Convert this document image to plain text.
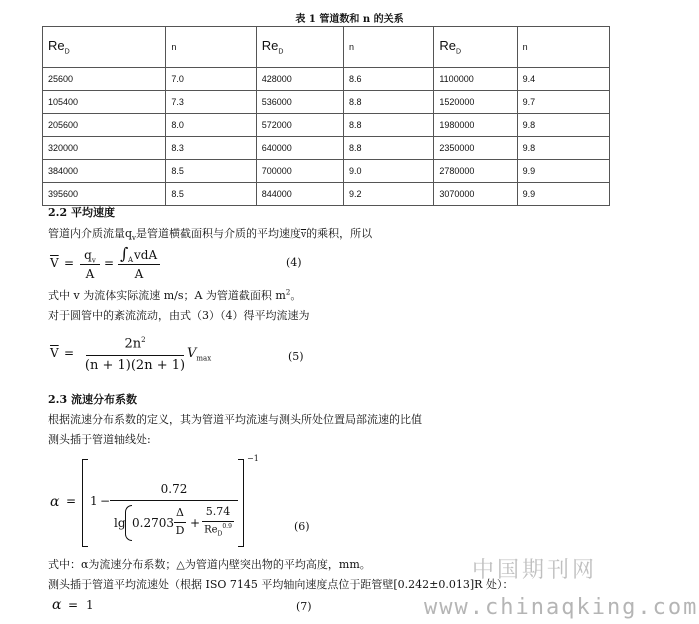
表 1 管道数和 n 的关系
$Re_D$	n	$Re_D$	n	$Re_D$	n
25600	7.0	428000	8.6	1100000	9.4
105400	7.3	536000	8.8	1520000	9.7
205600	8.0	572000	8.8	1980000	9.8
320000	8.3	640000	8.8	2350000	9.8
384000	8.5	700000	9.0	2780000	9.9
395600	8.5	844000	9.2	3070000	9.9
2.2 平均速度
管道内介质流量$q_v$是管道横截面积与介质的平均速度$\overline{v}$的乘积，所以
$\overline{V}$ =
$q_v$
A
= ∫ A vdA
A
(4)
式中 v 为流体实际流速 m/s；A 为管道截面积 $m^2$。
对于圆管中的紊流流动，由式（3）（4）得平均流速为
$\overline{V}$ =
$2n^2$
(n + 1)(2n + 1)
$V_{max}$	(5)
2.3 流速分布系数
根据流速分布系数的定义，其为管道平均流速与测头所处位置局部流速的比值
测头插于管道轴线处:
α =
−1
1 −
0.72
lg 0.2703
Δ
D
+
5.74
$Re_D^{0.9}$	(6)
式中：α为流速分布系数；△为管道内壁突出物的平均高度，mm。
测头插于管道平均流速处（根据 ISO 7145 平均轴向速度点位于距管壁[0.242±0.013]R 处）：
α = 1	(7)
中国期刊网
www.chinaqking.com
